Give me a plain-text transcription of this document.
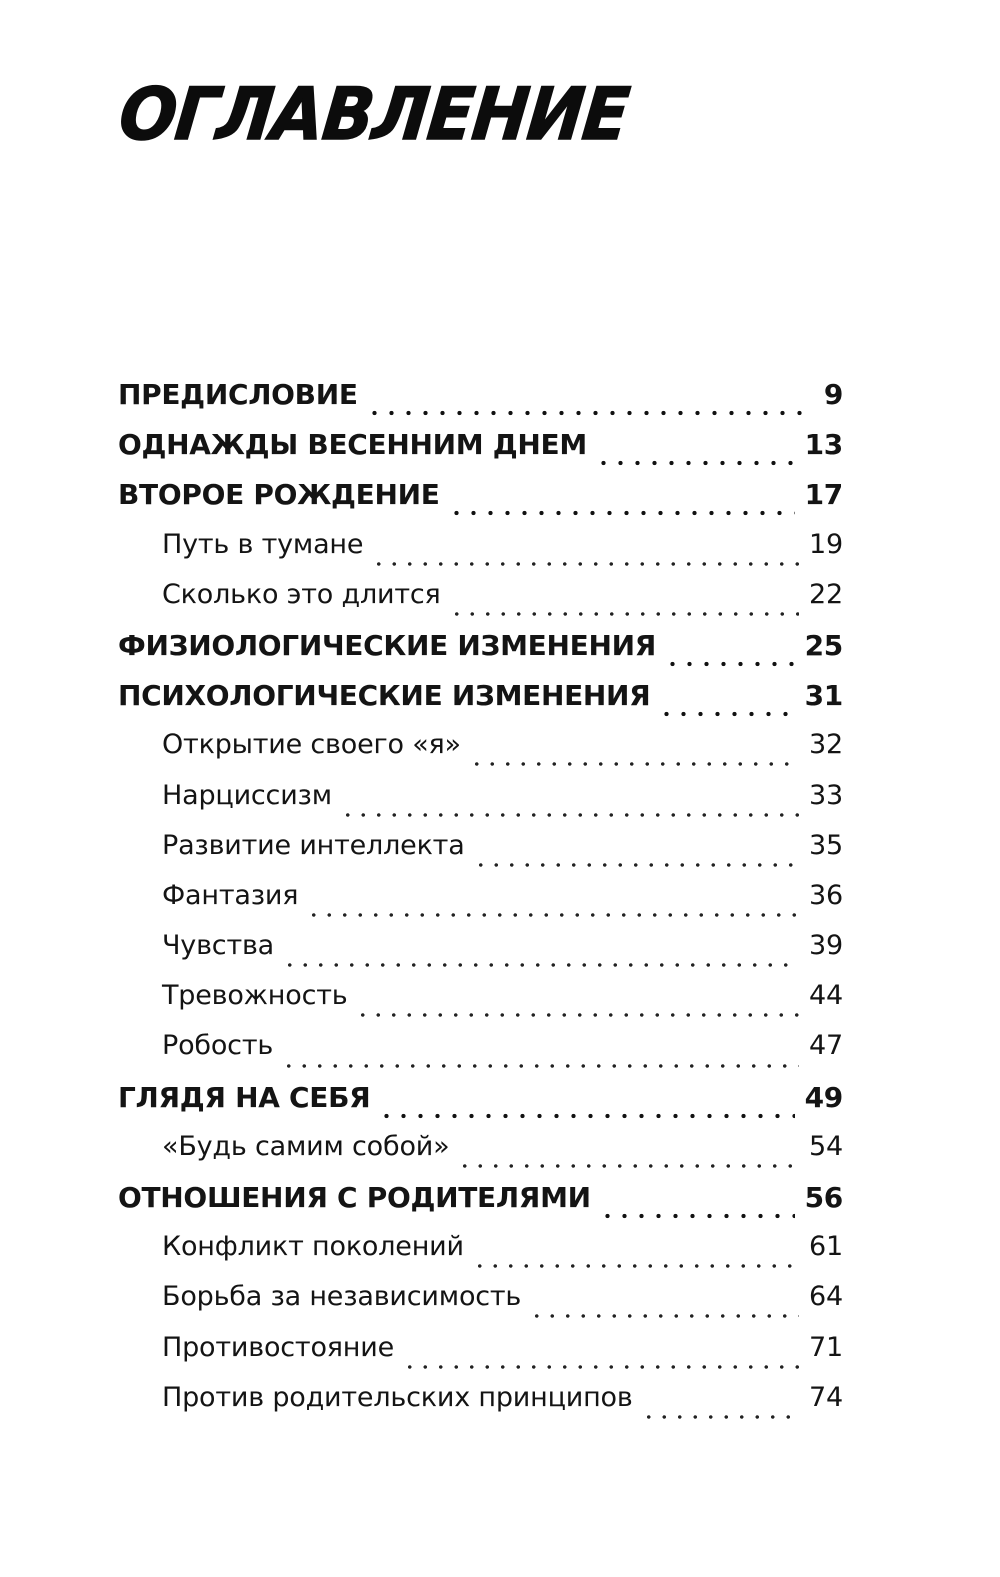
ОГЛАВЛЕНИЕ
ПРЕДИСЛОВИЕ	9
ОДНАЖДЫ ВЕСЕННИМ ДНЕМ	13
ВТОРОЕ РОЖДЕНИЕ	17
Путь в тумане	19
Сколько это длится	22
ФИЗИОЛОГИЧЕСКИЕ ИЗМЕНЕНИЯ	25
ПСИХОЛОГИЧЕСКИЕ ИЗМЕНЕНИЯ	31
Открытие своего «я»	32
Нарциссизм	33
Развитие интеллекта	35
Фантазия	36
Чувства	39
Тревожность	44
Робость	47
ГЛЯДЯ НА СЕБЯ	49
«Будь самим собой»	54
ОТНОШЕНИЯ С РОДИТЕЛЯМИ	56
Конфликт поколений	61
Борьба за независимость	64
Противостояние	71
Против родительских принципов	74
